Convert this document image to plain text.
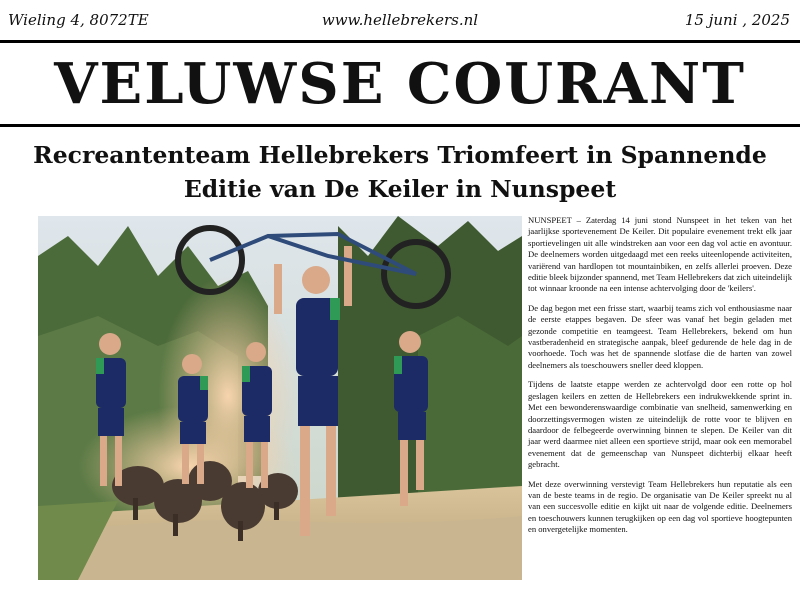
Wieling 4, 8072TE	www.hellebrekers.nl	15 juni , 2025
VELUWSE COURANT
Recreantenteam Hellebrekers Triomfeert in Spannende
Editie van De Keiler in Nunspeet

NUNSPEET – Zaterdag 14 juni stond Nunspeet in het teken van het jaarlijkse sportevenement De Keiler. Dit populaire evenement trekt elk jaar sportievelingen uit alle windstreken aan voor een dag vol actie en avontuur. De deelnemers worden uitgedaagd met een reeks uiteenlopende activiteiten, variërend van hardlopen tot mountainbiken, en zelfs allerlei proeven. Deze editie bleek bijzonder spannend, met Team Hellebrekers dat zich uiteindelijk tot winnaar kroonde na een intense achtervolging door de 'keilers'.

De dag begon met een frisse start, waarbij teams zich vol enthousiasme naar de eerste etappes begaven. De sfeer was vanaf het begin geladen met gezonde competitie en teamgeest. Team Hellebrekers, bekend om hun vastberadenheid en strategische aanpak, bleef gedurende de hele dag in de voorhoede. Toch was het de spannende slotfase die de harten van zowel deelnemers als toeschouwers sneller deed kloppen.

Tijdens de laatste etappe werden ze achtervolgd door een rotte op hol geslagen keilers en zetten de Hellebrekers een indrukwekkende sprint in. Met een bewonderenswaardige combinatie van snelheid, samenwerking en doorzettingsvermogen wisten ze uiteindelijk de rotte voor te blijven en daardoor de felbegeerde overwinning binnen te slepen. De Keiler van dit jaar werd daarmee niet alleen een sportieve strijd, maar ook een memorabel evenement dat de gemeenschap van Nunspeet dichterbij elkaar heeft gebracht.

Met deze overwinning verstevigt Team Hellebrekers hun reputatie als een van de beste teams in de regio. De organisatie van De Keiler spreekt nu al van een succesvolle editie en kijkt uit naar de volgende editie. Deelnemers en toeschouwers kunnen terugkijken op een dag vol sportieve hoogtepunten en onvergetelijke momenten.
